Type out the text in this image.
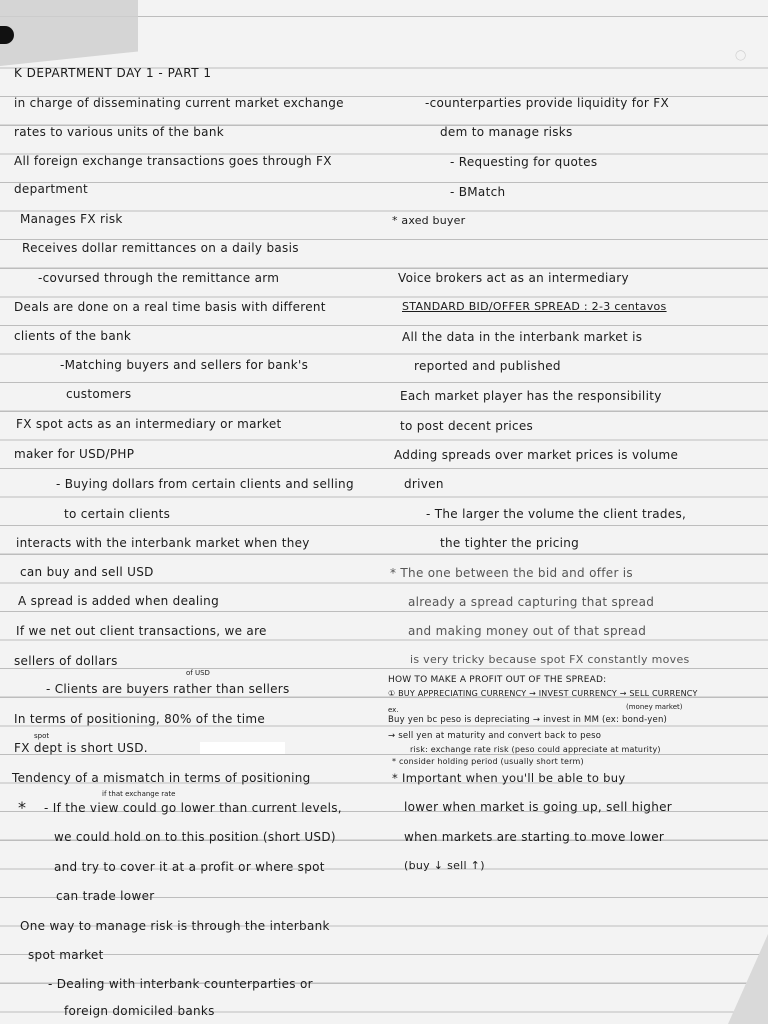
◯
K DEPARTMENT DAY 1 - PART 1
in charge of disseminating current market exchange
rates to various units of the bank
All foreign exchange transactions goes through FX
department
Manages FX risk
Receives dollar remittances on a daily basis
-covursed through the remittance arm
Deals are done on a real time basis with different
clients of the bank
-Matching buyers and sellers for bank's
customers
FX spot acts as an intermediary or market
maker for USD/PHP
- Buying dollars from certain clients and selling
to certain clients
interacts with the interbank market when they
can buy and sell USD
A spread is added when dealing
If we net out client transactions, we are
sellers of dollars
of USD
- Clients are buyers rather than sellers
spot
In terms of positioning, 80% of the time
FX dept is short USD.
Tendency of a mismatch in terms of positioning
if that exchange rate
* - If the view could go lower than current levels,
we could hold on to this position (short USD)
and try to cover it at a profit or where spot
can trade lower
One way to manage risk is through the interbank
spot market
- Dealing with interbank counterparties or
foreign domiciled banks
-counterparties provide liquidity for FX
dem to manage risks
- Requesting for quotes
- BMatch
* axed buyer
Voice brokers act as an intermediary
STANDARD BID/OFFER SPREAD : 2-3 centavos
All the data in the interbank market is
reported and published
Each market player has the responsibility
to post decent prices
Adding spreads over market prices is volume
driven
- The larger the volume the client trades,
the tighter the pricing
* The one between the bid and offer is
already a spread capturing that spread
and making money out of that spread
is very tricky because spot FX constantly moves
HOW TO MAKE A PROFIT OUT OF THE SPREAD:
① BUY APPRECIATING CURRENCY → INVEST CURRENCY → SELL CURRENCY
ex.	(money market)
Buy yen bc peso is depreciating → invest in MM (ex: bond-yen)
→ sell yen at maturity and convert back to peso
risk: exchange rate risk (peso could appreciate at maturity)
* consider holding period (usually short term)
* Important when you'll be able to buy
lower when market is going up, sell higher
when markets are starting to move lower
(buy ↓ sell ↑)
